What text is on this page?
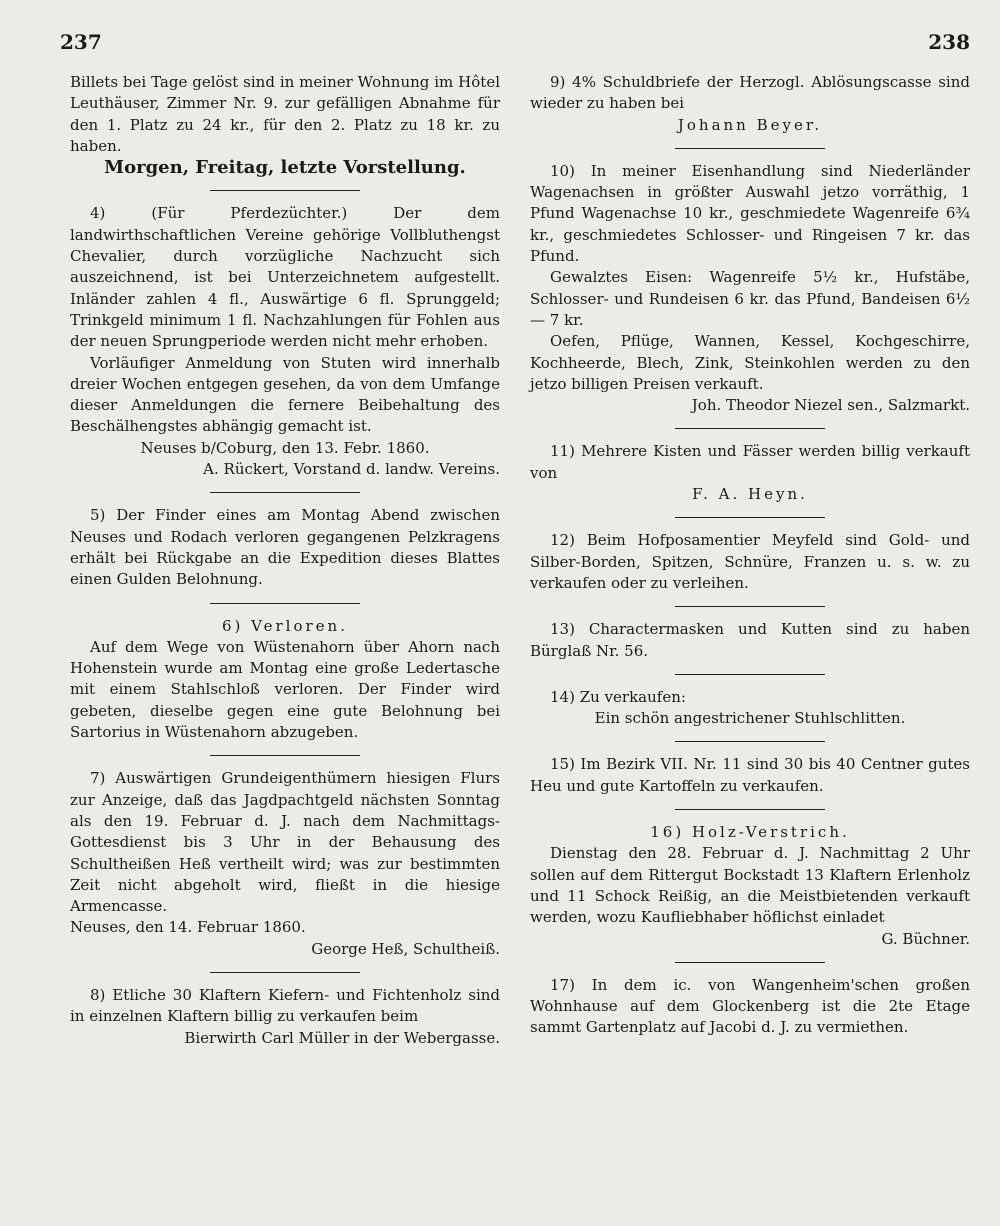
237	238

Billets bei Tage gelöst sind in meiner Wohnung im Hôtel Leuthäuser, Zimmer Nr. 9. zur gefälligen Abnahme für den 1. Platz zu 24 kr., für den 2. Platz zu 18 kr. zu haben.

Morgen, Freitag, letzte Vorstellung.

4) (Für Pferdezüchter.) Der dem landwirthschaftlichen Vereine gehörige Vollbluthengst Chevalier, durch vorzügliche Nachzucht sich auszeichnend, ist bei Unterzeichnetem aufgestellt. Inländer zahlen 4 fl., Auswärtige 6 fl. Sprunggeld; Trinkgeld minimum 1 fl. Nachzahlungen für Fohlen aus der neuen Sprungperiode werden nicht mehr erhoben.

Vorläufiger Anmeldung von Stuten wird innerhalb dreier Wochen entgegen gesehen, da von dem Umfange dieser Anmeldungen die fernere Beibehaltung des Beschälhengstes abhängig gemacht ist.

Neuses b/Coburg, den 13. Febr. 1860.

A. Rückert, Vorstand d. landw. Vereins.

5) Der Finder eines am Montag Abend zwischen Neuses und Rodach verloren gegangenen Pelzkragens erhält bei Rückgabe an die Expedition dieses Blattes einen Gulden Belohnung.

6) Verloren.

Auf dem Wege von Wüstenahorn über Ahorn nach Hohenstein wurde am Montag eine große Ledertasche mit einem Stahlschloß verloren. Der Finder wird gebeten, dieselbe gegen eine gute Belohnung bei Sartorius in Wüstenahorn abzugeben.

7) Auswärtigen Grundeigenthümern hiesigen Flurs zur Anzeige, daß das Jagdpachtgeld nächsten Sonntag als den 19. Februar d. J. nach dem Nachmittags-Gottesdienst bis 3 Uhr in der Behausung des Schultheißen Heß vertheilt wird; was zur bestimmten Zeit nicht abgeholt wird, fließt in die hiesige Armencasse.

Neuses, den 14. Februar 1860.

George Heß, Schultheiß.

8) Etliche 30 Klaftern Kiefern- und Fichtenholz sind in einzelnen Klaftern billig zu verkaufen beim

Bierwirth Carl Müller in der Webergasse.

9) 4% Schuldbriefe der Herzogl. Ablösungscasse sind wieder zu haben bei

Johann Beyer.

10) In meiner Eisenhandlung sind Niederländer Wagenachsen in größter Auswahl jetzo vorräthig, 1 Pfund Wagenachse 10 kr., geschmiedete Wagenreife 6¾ kr., geschmiedetes Schlosser- und Ringeisen 7 kr. das Pfund.

Gewalztes Eisen: Wagenreife 5½ kr., Hufstäbe, Schlosser- und Rundeisen 6 kr. das Pfund, Bandeisen 6½ — 7 kr.

Oefen, Pflüge, Wannen, Kessel, Kochgeschirre, Kochheerde, Blech, Zink, Steinkohlen werden zu den jetzo billigen Preisen verkauft.

Joh. Theodor Niezel sen., Salzmarkt.

11) Mehrere Kisten und Fässer werden billig verkauft von

F. A. Heyn.

12) Beim Hofposamentier Meyfeld sind Gold- und Silber-Borden, Spitzen, Schnüre, Franzen u. s. w. zu verkaufen oder zu verleihen.

13) Charactermasken und Kutten sind zu haben Bürglaß Nr. 56.

14) Zu verkaufen:

Ein schön angestrichener Stuhlschlitten.

15) Im Bezirk VII. Nr. 11 sind 30 bis 40 Centner gutes Heu und gute Kartoffeln zu verkaufen.

16) Holz-Verstrich.

Dienstag den 28. Februar d. J. Nachmittag 2 Uhr sollen auf dem Rittergut Bockstadt 13 Klaftern Erlenholz und 11 Schock Reißig, an die Meistbietenden verkauft werden, wozu Kaufliebhaber höflichst einladet

G. Büchner.

17) In dem ic. von Wangenheim'schen großen Wohnhause auf dem Glockenberg ist die 2te Etage sammt Gartenplatz auf Jacobi d. J. zu vermiethen.
